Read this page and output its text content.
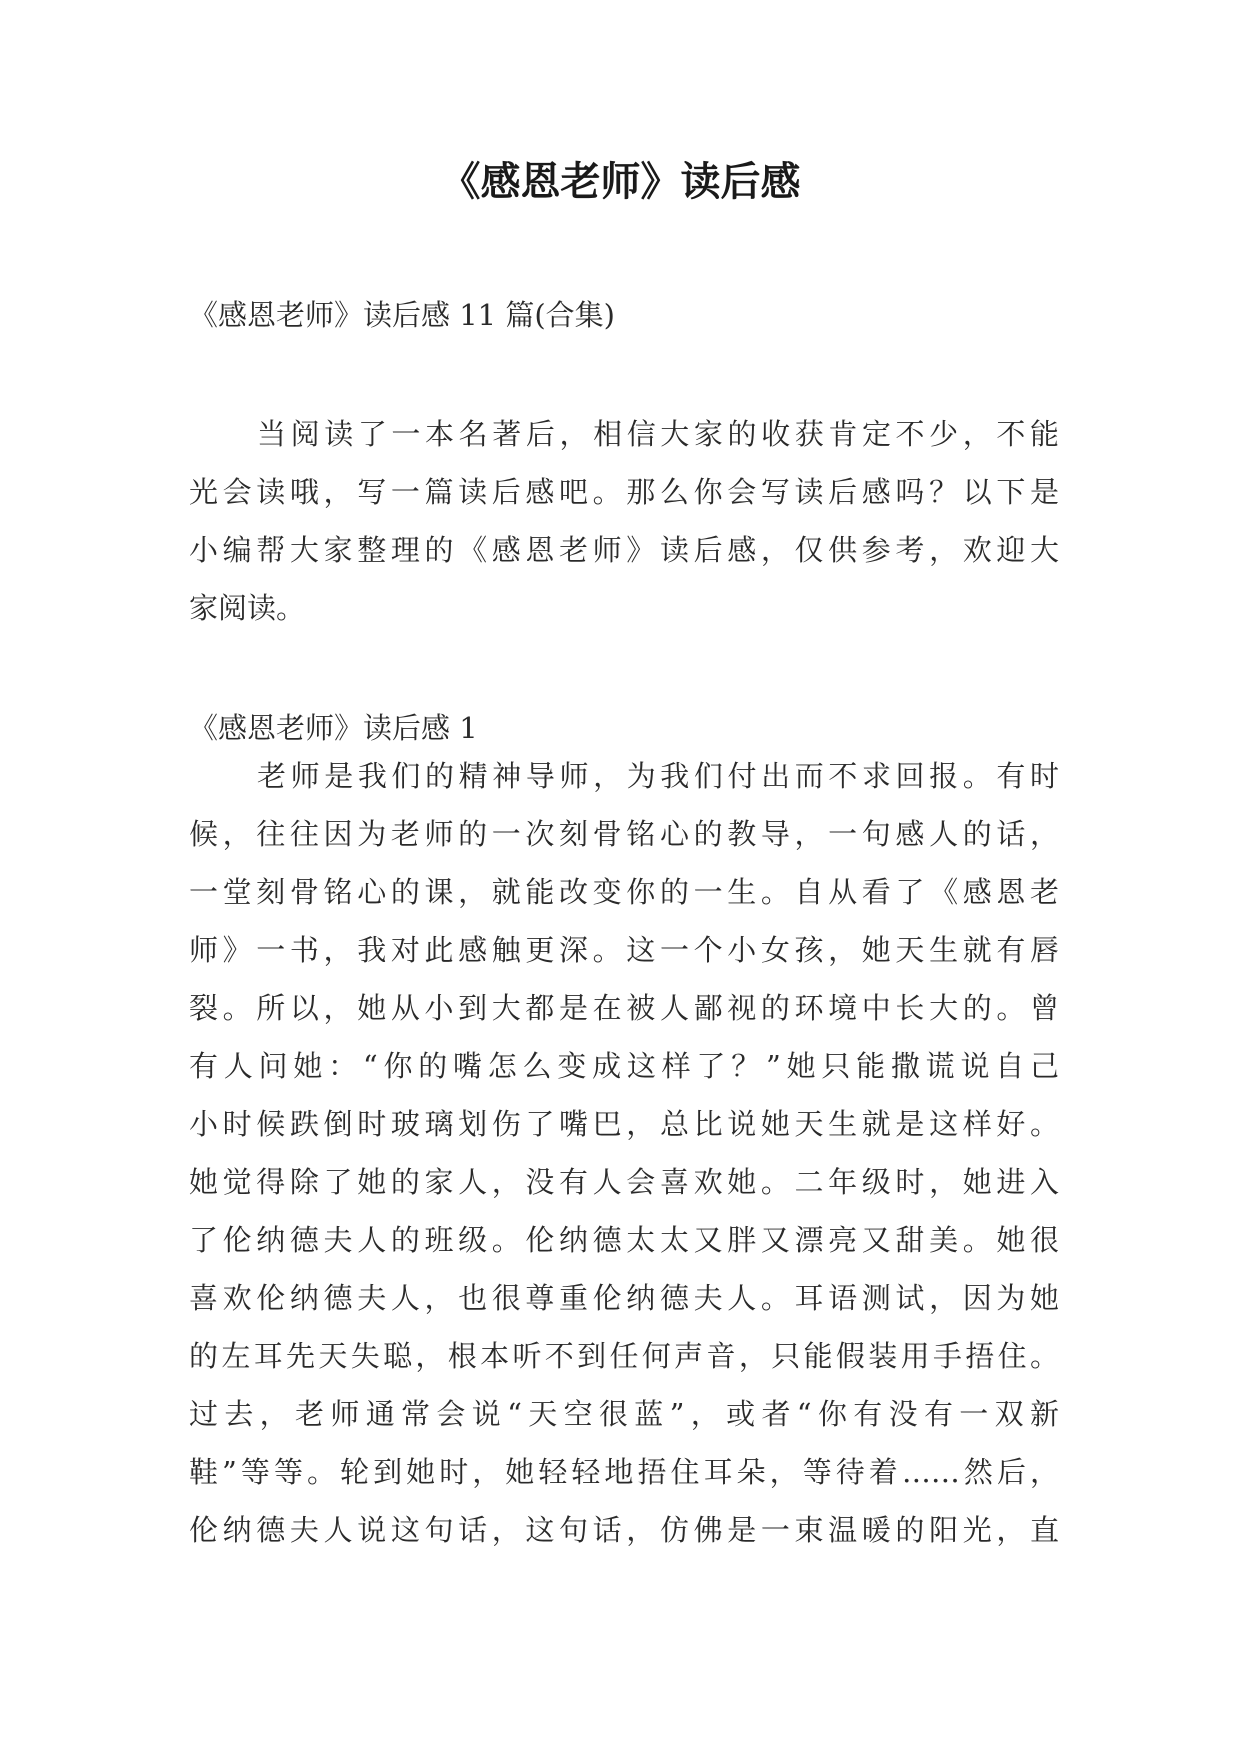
《感恩老师》读后感

《感恩老师》读后感 11 篇(合集)

当阅读了一本名著后，相信大家的收获肯定不少，不能
光会读哦，写一篇读后感吧。那么你会写读后感吗？以下是
小编帮大家整理的《感恩老师》读后感，仅供参考，欢迎大
家阅读。

《感恩老师》读后感 1

老师是我们的精神导师，为我们付出而不求回报。有时
候，往往因为老师的一次刻骨铭心的教导，一句感人的话，
一堂刻骨铭心的课，就能改变你的一生。自从看了《感恩老
师》一书，我对此感触更深。这一个小女孩，她天生就有唇
裂。所以，她从小到大都是在被人鄙视的环境中长大的。曾
有人问她：“你的嘴怎么变成这样了？”她只能撒谎说自己
小时候跌倒时玻璃划伤了嘴巴，总比说她天生就是这样好。
她觉得除了她的家人，没有人会喜欢她。二年级时，她进入
了伦纳德夫人的班级。伦纳德太太又胖又漂亮又甜美。她很
喜欢伦纳德夫人，也很尊重伦纳德夫人。耳语测试，因为她
的左耳先天失聪，根本听不到任何声音，只能假装用手捂住。
过去，老师通常会说“天空很蓝”，或者“你有没有一双新
鞋”等等。轮到她时，她轻轻地捂住耳朵，等待着……然后，
伦纳德夫人说这句话，这句话，仿佛是一束温暖的阳光，直
